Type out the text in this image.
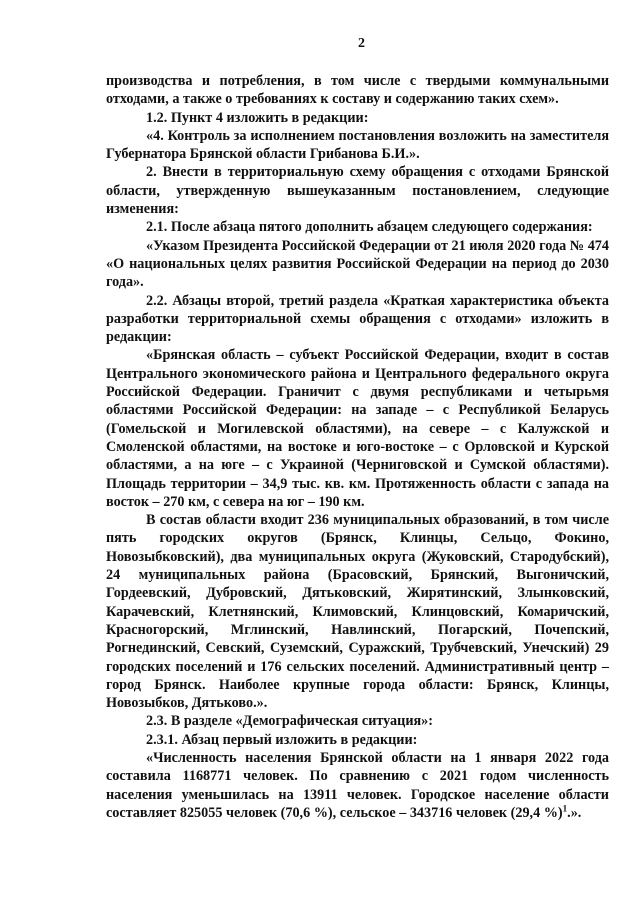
2

производства и потребления, в том числе с твердыми коммунальными отходами, а также о требованиях к составу и содержанию таких схем».

1.2. Пункт 4 изложить в редакции:

«4. Контроль за исполнением постановления возложить на заместителя Губернатора Брянской области Грибанова Б.И.».

2. Внести в территориальную схему обращения с отходами Брянской области, утвержденную вышеуказанным постановлением, следующие изменения:

2.1. После абзаца пятого дополнить абзацем следующего содержания:

«Указом Президента Российской Федерации от 21 июля 2020 года № 474 «О национальных целях развития Российской Федерации на период до 2030 года».

2.2. Абзацы второй, третий раздела «Краткая характеристика объекта разработки территориальной схемы обращения с отходами» изложить в редакции:

«Брянская область – субъект Российской Федерации, входит в состав Центрального экономического района и Центрального федерального округа Российской Федерации. Граничит с двумя республиками и четырьмя областями Российской Федерации: на западе – с Республикой Беларусь (Гомельской и Могилевской областями), на севере – с Калужской и Смоленской областями, на востоке и юго-востоке – с Орловской и Курской областями, а на юге – с Украиной (Черниговской и Сумской областями). Площадь территории – 34,9 тыс. кв. км. Протяженность области с запада на восток – 270 км, с севера на юг – 190 км.

В состав области входит 236 муниципальных образований, в том числе пять городских округов (Брянск, Клинцы, Сельцо, Фокино, Новозыбковский), два муниципальных округа (Жуковский, Стародубский), 24 муниципальных района (Брасовский, Брянский, Выгоничский, Гордеевский, Дубровский, Дятьковский, Жирятинский, Злынковский, Карачевский, Клетнянский, Климовский, Клинцовский, Комаричский, Красногорский, Мглинский, Навлинский, Погарский, Почепский, Рогнединский, Севский, Суземский, Суражский, Трубчевский, Унечский) 29 городских поселений и 176 сельских поселений. Административный центр – город Брянск. Наиболее крупные города области: Брянск, Клинцы, Новозыбков, Дятьково.».

2.3. В разделе «Демографическая ситуация»:

2.3.1. Абзац первый изложить в редакции:

«Численность населения Брянской области на 1 января 2022 года составила 1168771 человек. По сравнению с 2021 годом численность населения уменьшилась на 13911 человек. Городское население области составляет 825055 человек (70,6 %), сельское – 343716 человек (29,4 %)$^1$.».
